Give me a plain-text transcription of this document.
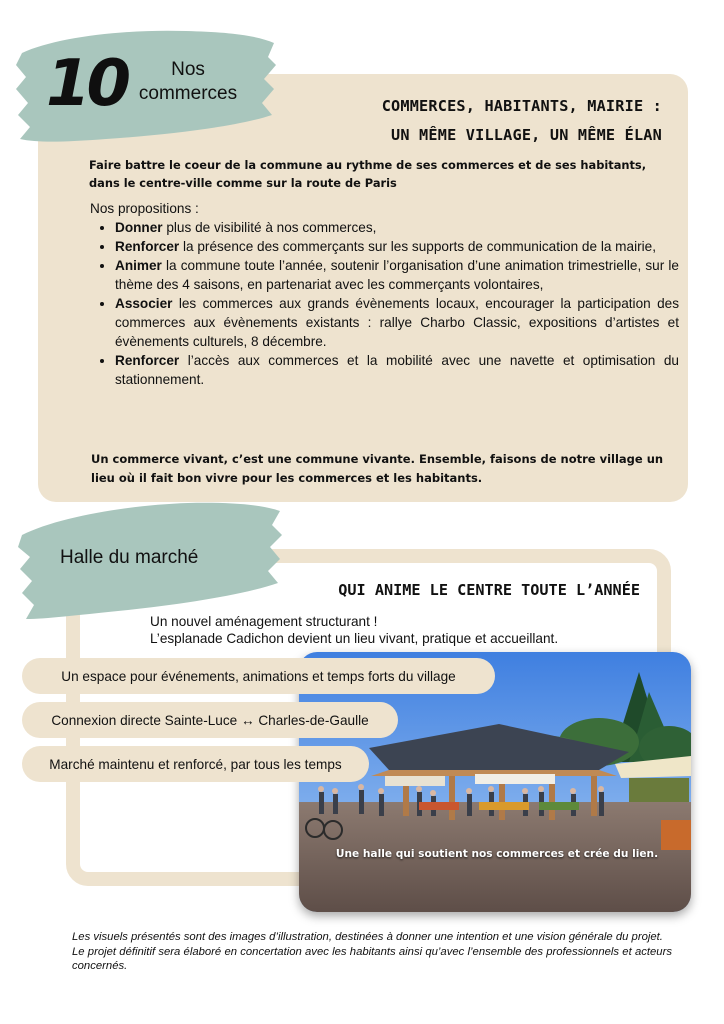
10	Nos
commerces
COMMERCES, HABITANTS, MAIRIE :
UN MÊME VILLAGE, UN MÊME ÉLAN
Faire battre le coeur de la commune au rythme de ses commerces et de ses habitants, dans le centre-ville comme sur la route de Paris
Nos propositions :
• Donner plus de visibilité à nos commerces,
• Renforcer la présence des commerçants sur les supports de communication de la mairie,
• Animer la commune toute l’année, soutenir l’organisation d’une animation trimestrielle, sur le thème des 4 saisons, en partenariat avec les commerçants volontaires,
• Associer les commerces aux grands évènements locaux, encourager la participation des commerces aux évènements existants : rallye Charbo Classic, expositions d’artistes et évènements culturels, 8 décembre.
• Renforcer l’accès aux commerces et la mobilité avec une navette et optimisation du stationnement.
Un commerce vivant, c’est une commune vivante. Ensemble, faisons de notre village un lieu où il fait bon vivre pour les commerces et les habitants.
Halle du marché
QUI ANIME LE CENTRE TOUTE L’ANNÉE
Un nouvel aménagement structurant !
L’esplanade Cadichon devient un lieu vivant, pratique et accueillant.
Une halle qui soutient nos commerces et crée du lien.
Un espace pour événements, animations et temps forts du village
Connexion directe Sainte-Luce ↔ Charles-de-Gaulle
Marché maintenu et renforcé, par tous les temps

Les visuels présentés sont des images d’illustration, destinées à donner une intention et une vision générale du projet.

Le projet définitif sera élaboré en concertation avec les habitants ainsi qu’avec l’ensemble des professionnels et acteurs concernés.
